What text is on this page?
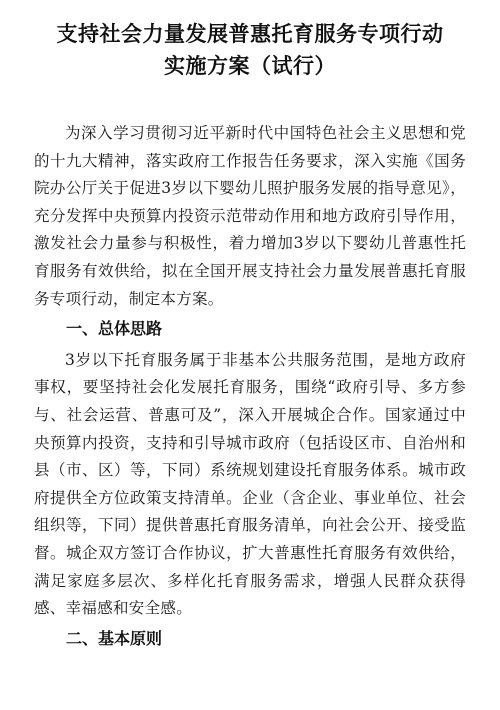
支持社会力量发展普惠托育服务专项行动
实施方案（试行）

为深入学习贯彻习近平新时代中国特色社会主义思想和党的十九大精神，落实政府工作报告任务要求，深入实施《国务院办公厅关于促进3岁以下婴幼儿照护服务发展的指导意见》，充分发挥中央预算内投资示范带动作用和地方政府引导作用，激发社会力量参与积极性，着力增加3岁以下婴幼儿普惠性托育服务有效供给，拟在全国开展支持社会力量发展普惠托育服务专项行动，制定本方案。

一、总体思路

3岁以下托育服务属于非基本公共服务范围，是地方政府事权，要坚持社会化发展托育服务，围绕“政府引导、多方参与、社会运营、普惠可及”，深入开展城企合作。国家通过中央预算内投资，支持和引导城市政府（包括设区市、自治州和县（市、区）等，下同）系统规划建设托育服务体系。城市政府提供全方位政策支持清单。企业（含企业、事业单位、社会组织等，下同）提供普惠托育服务清单，向社会公开、接受监督。城企双方签订合作协议，扩大普惠性托育服务有效供给，满足家庭多层次、多样化托育服务需求，增强人民群众获得感、幸福感和安全感。

二、基本原则
